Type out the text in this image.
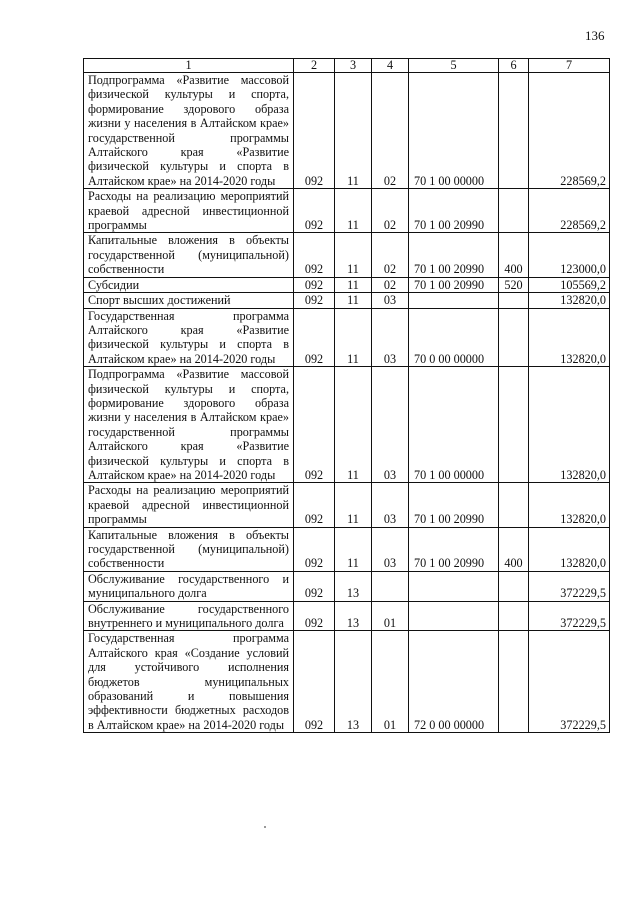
136
1	2	3	4	5	6	7
Подпрограмма «Развитие массовой физической культуры и спорта, формирование здорового образа жизни у населения в Алтайском крае» государственной программы Алтайского края «Развитие физической культуры и спорта в Алтайском крае» на 2014-2020 годы	092	11	02	70 1 00 00000		228569,2
Расходы на реализацию мероприятий краевой адресной инвестиционной программы	092	11	02	70 1 00 20990		228569,2
Капитальные вложения в объекты государственной (муниципальной) собственности	092	11	02	70 1 00 20990	400	123000,0
Субсидии	092	11	02	70 1 00 20990	520	105569,2
Спорт высших достижений	092	11	03			132820,0
Государственная программа Алтайского края «Развитие физической культуры и спорта в Алтайском крае» на 2014-2020 годы	092	11	03	70 0 00 00000		132820,0
Подпрограмма «Развитие массовой физической культуры и спорта, формирование здорового образа жизни у населения в Алтайском крае» государственной программы Алтайского края «Развитие физической культуры и спорта в Алтайском крае» на 2014-2020 годы	092	11	03	70 1 00 00000		132820,0
Расходы на реализацию мероприятий краевой адресной инвестиционной программы	092	11	03	70 1 00 20990		132820,0
Капитальные вложения в объекты государственной (муниципальной) собственности	092	11	03	70 1 00 20990	400	132820,0
Обслуживание государственного и муниципального долга	092	13				372229,5
Обслуживание государственного внутреннего и муниципального долга	092	13	01			372229,5
Государственная программа Алтайского края «Создание условий для устойчивого исполнения бюджетов муниципальных образований и повышения эффективности бюджетных расходов в Алтайском крае» на 2014-2020 годы	092	13	01	72 0 00 00000		372229,5
